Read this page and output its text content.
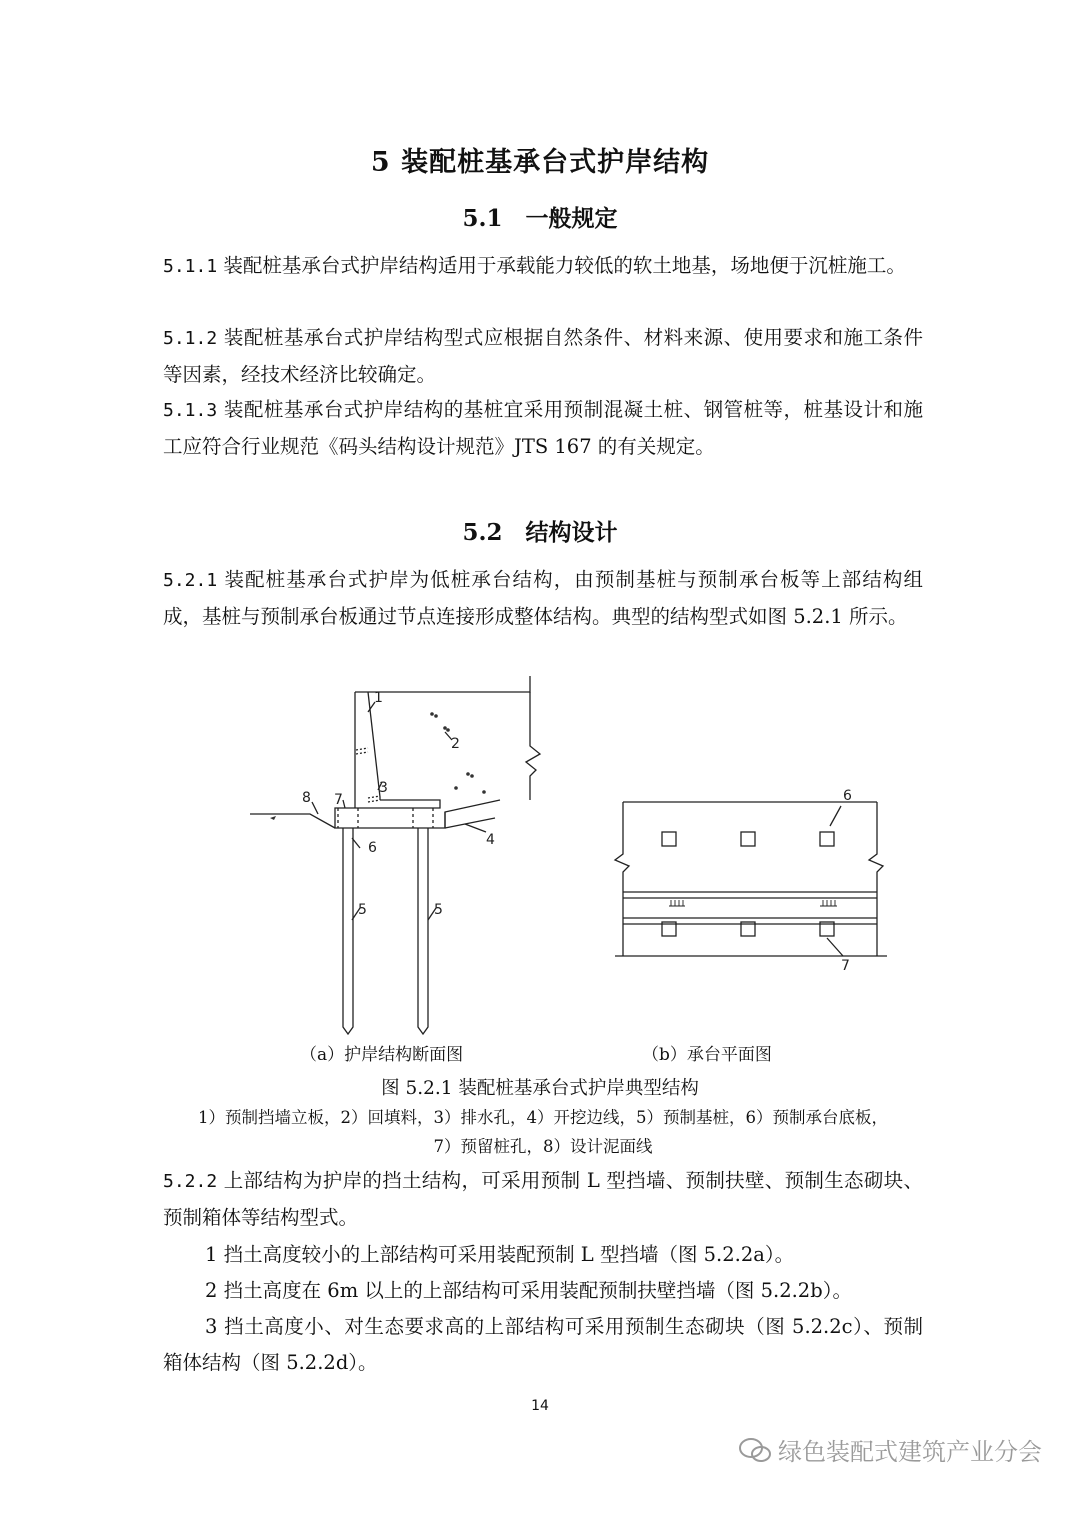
5 装配桩基承台式护岸结构
5.1　一般规定
5.1.1 装配桩基承台式护岸结构适用于承载能力较低的软土地基，场地便于沉桩施工。
5.1.2 装配桩基承台式护岸结构型式应根据自然条件、材料来源、使用要求和施工条件等因素，经技术经济比较确定。
5.1.3 装配桩基承台式护岸结构的基桩宜采用预制混凝土桩、钢管桩等，桩基设计和施工应符合行业规范《码头结构设计规范》JTS 167 的有关规定。
5.2　结构设计
5.2.1 装配桩基承台式护岸为低桩承台结构，由预制基桩与预制承台板等上部结构组成，基桩与预制承台板通过节点连接形成整体结构。典型的结构型式如图 5.2.1 所示。
1
2
3
4
5	5
6
7
8	6
7
（a）护岸结构断面图	（b）承台平面图
图 5.2.1 装配桩基承台式护岸典型结构
1）预制挡墙立板，2）回填料，3）排水孔，4）开挖边线，5）预制基桩，6）预制承台底板，
7）预留桩孔，8）设计泥面线
5.2.2 上部结构为护岸的挡土结构，可采用预制 L 型挡墙、预制扶壁、预制生态砌块、预制箱体等结构型式。
1 挡土高度较小的上部结构可采用装配预制 L 型挡墙（图 5.2.2a）。
2 挡土高度在 6m 以上的上部结构可采用装配预制扶壁挡墙（图 5.2.2b）。
3 挡土高度小、对生态要求高的上部结构可采用预制生态砌块（图 5.2.2c）、预制箱体结构（图 5.2.2d）。
14
绿色装配式建筑产业分会
